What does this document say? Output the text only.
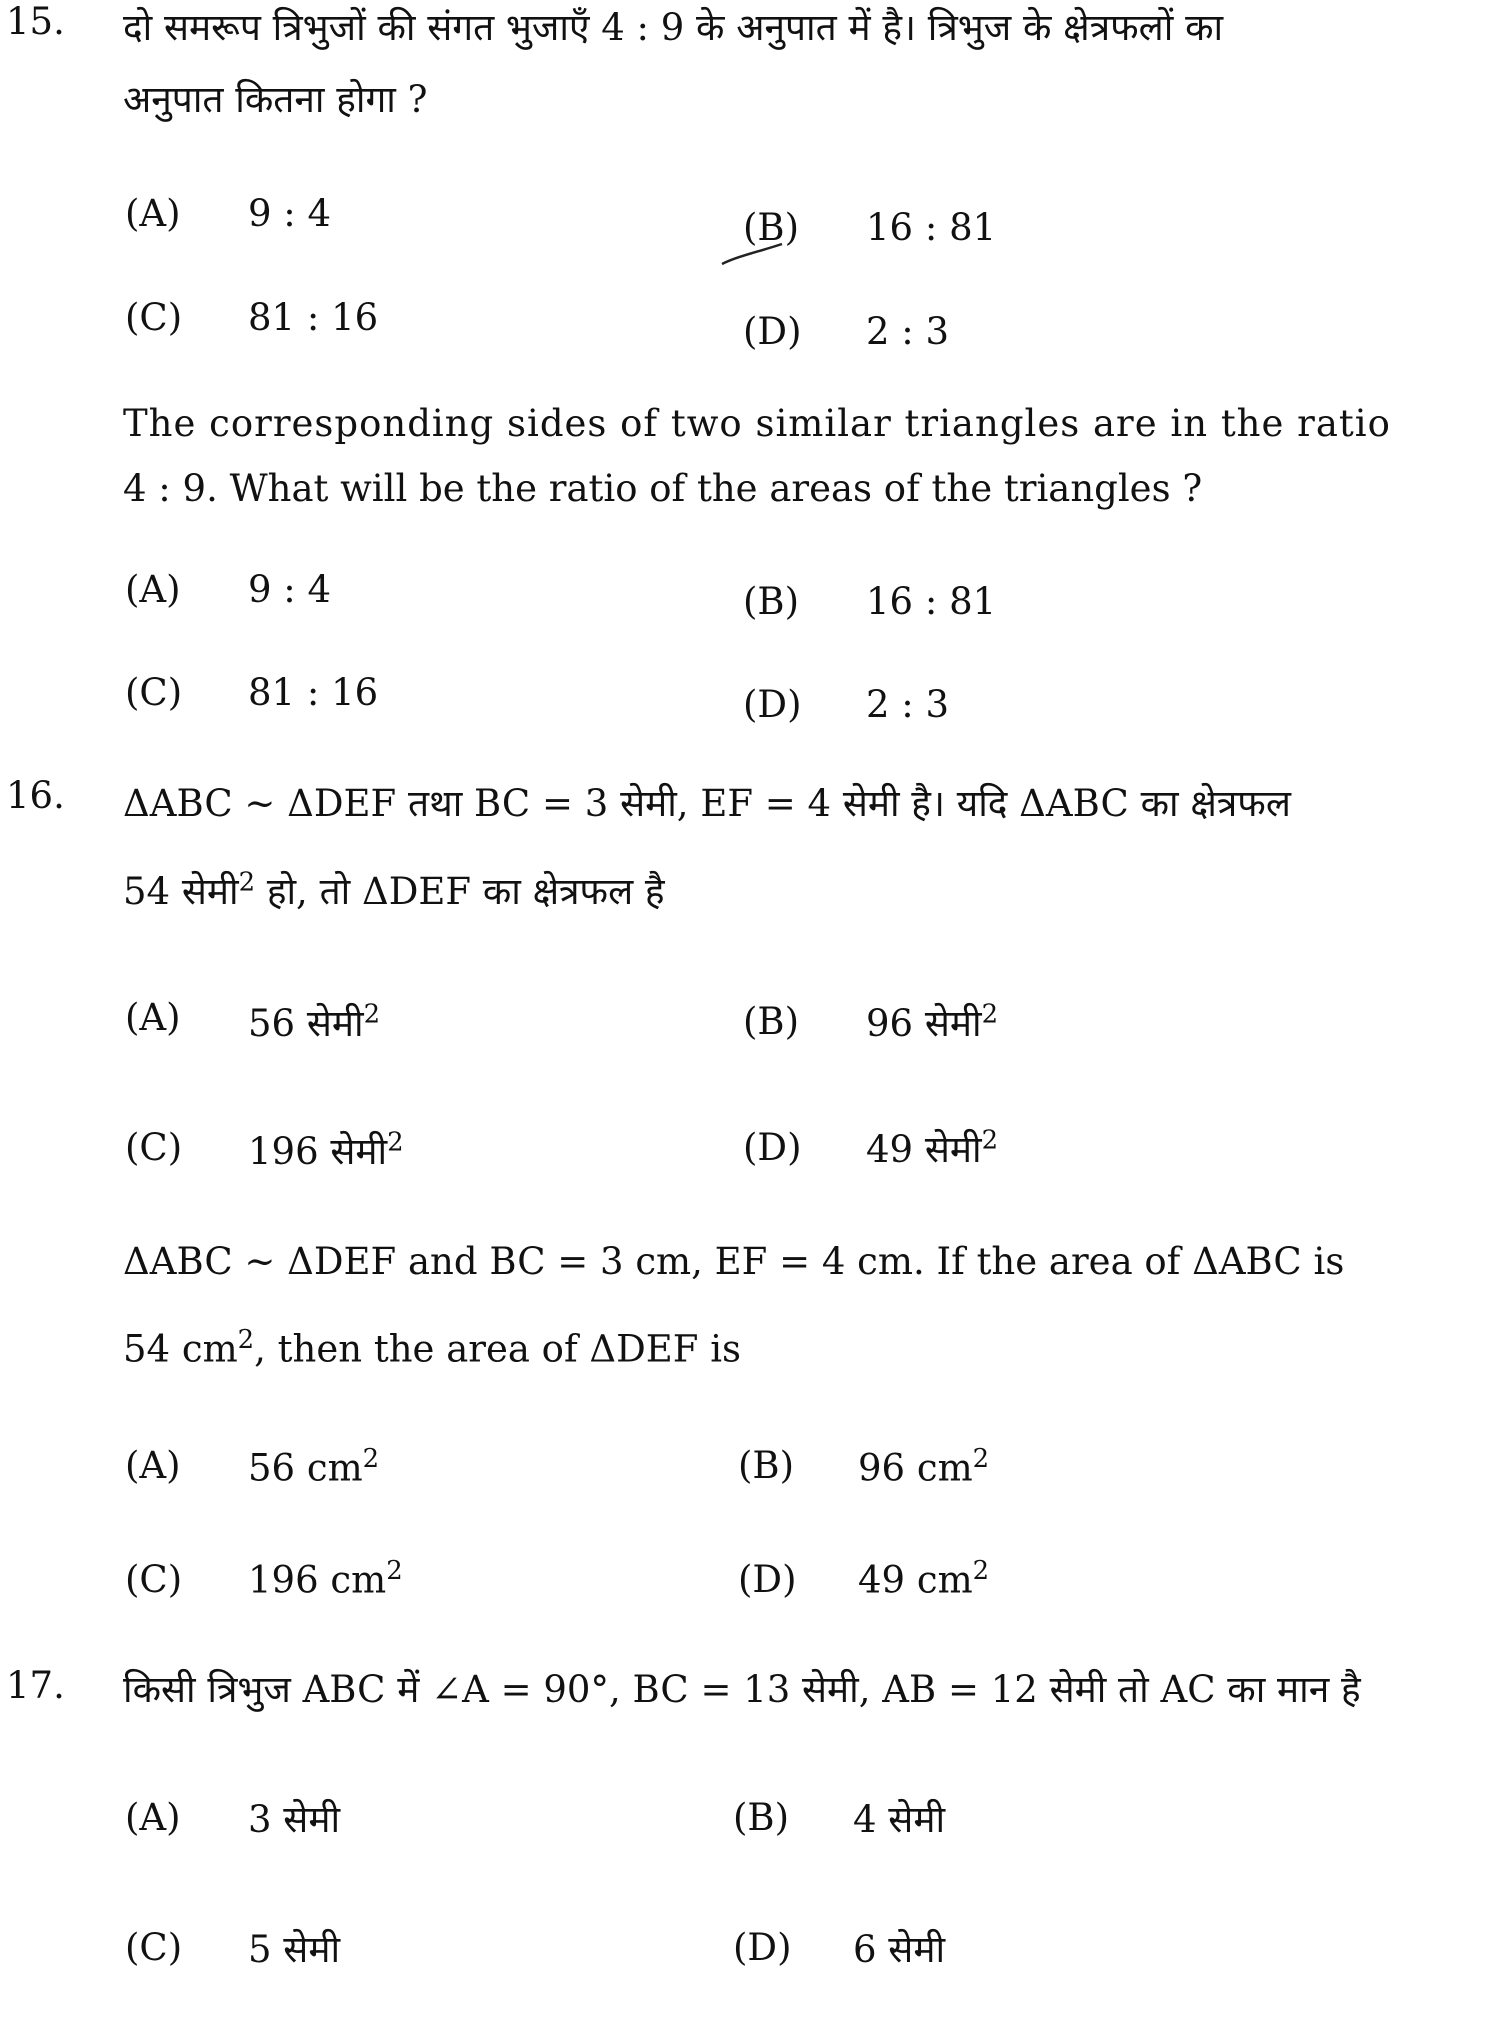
15. दो समरूप त्रिभुजों की संगत भुजाएँ 4 : 9 के अनुपात में है। त्रिभुज के क्षेत्रफलों का
अनुपात कितना होगा ?
(A) 9 : 4	(B) 16 : 81
(C) 81 : 16	(D) 2 : 3
The corresponding sides of two similar triangles are in the ratio
4 : 9. What will be the ratio of the areas of the triangles ?
(A) 9 : 4	(B) 16 : 81
(C) 81 : 16	(D) 2 : 3
16. ΔABC ~ ΔDEF तथा BC = 3 सेमी, EF = 4 सेमी है। यदि ΔABC का क्षेत्रफल
54 सेमी$^2$ हो, तो ΔDEF का क्षेत्रफल है
(A) 56 सेमी$^2$	(B) 96 सेमी$^2$
(C) 196 सेमी$^2$	(D) 49 सेमी$^2$
ΔABC ~ ΔDEF and BC = 3 cm, EF = 4 cm. If the area of ΔABC is
54 $cm^2$, then the area of ΔDEF is
(A) 56 $cm^2$	(B) 96 $cm^2$
(C) 196 $cm^2$	(D) 49 $cm^2$
17. किसी त्रिभुज ABC में ∠A = 90°, BC = 13 सेमी, AB = 12 सेमी तो AC का मान है
(A) 3 सेमी	(B) 4 सेमी
(C) 5 सेमी	(D) 6 सेमी
